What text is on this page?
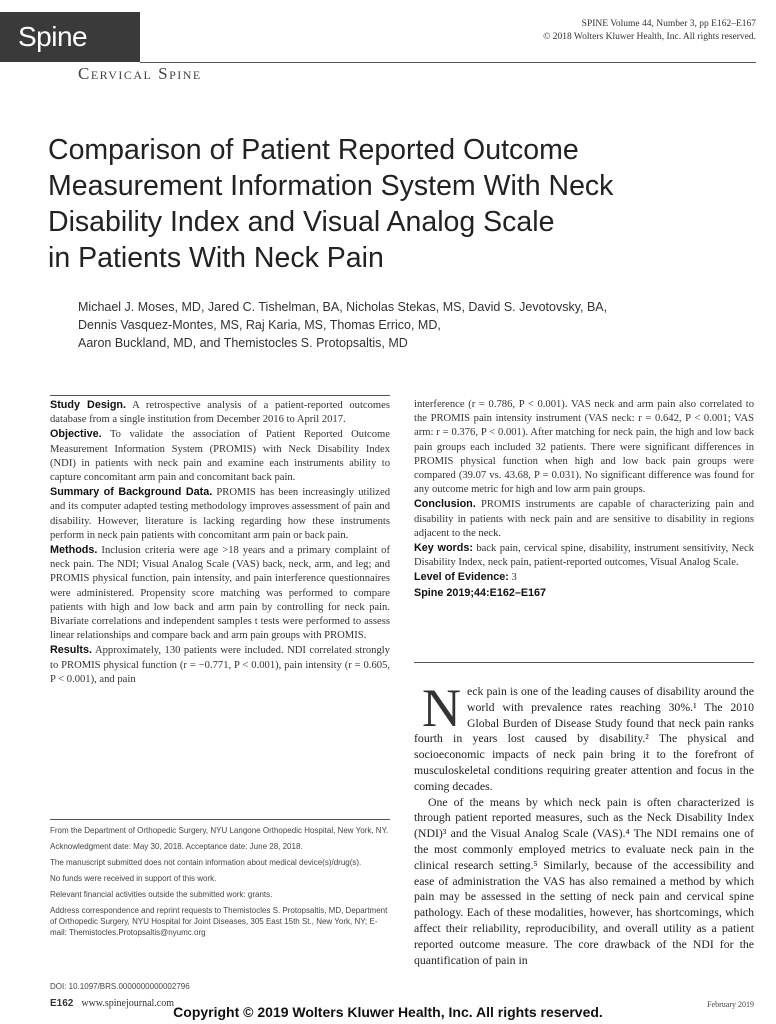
Spine	SPINE Volume 44, Number 3, pp E162–E167
© 2018 Wolters Kluwer Health, Inc. All rights reserved.
Cervical Spine
Comparison of Patient Reported Outcome
Measurement Information System With Neck
Disability Index and Visual Analog Scale
in Patients With Neck Pain
Michael J. Moses, MD, Jared C. Tishelman, BA, Nicholas Stekas, MS, David S. Jevotovsky, BA,
Dennis Vasquez-Montes, MS, Raj Karia, MS, Thomas Errico, MD,
Aaron Buckland, MD, and Themistocles S. Protopsaltis, MD

Study Design. A retrospective analysis of a patient-reported outcomes database from a single institution from December 2016 to April 2017.

Objective. To validate the association of Patient Reported Outcome Measurement Information System (PROMIS) with Neck Disability Index (NDI) in patients with neck pain and examine each instruments ability to capture concomitant arm pain and concomitant back pain.

Summary of Background Data. PROMIS has been increasingly utilized and its computer adapted testing methodology improves assessment of pain and disability. However, literature is lacking regarding how these instruments perform in neck pain patients with concomitant arm pain or back pain.

Methods. Inclusion criteria were age >18 years and a primary complaint of neck pain. The NDI; Visual Analog Scale (VAS) back, neck, arm, and leg; and PROMIS physical function, pain intensity, and pain interference questionnaires were administered. Propensity score matching was performed to compare patients with high and low back and arm pain by controlling for neck pain. Bivariate correlations and independent samples t tests were performed to assess linear relationships and compare back and arm pain groups with PROMIS.

Results. Approximately, 130 patients were included. NDI correlated strongly to PROMIS physical function (r = −0.771, P < 0.001), pain intensity (r = 0.605, P < 0.001), and pain

interference (r = 0.786, P < 0.001). VAS neck and arm pain also correlated to the PROMIS pain intensity instrument (VAS neck: r = 0.642, P < 0.001; VAS arm: r = 0.376, P < 0.001). After matching for neck pain, the high and low back pain groups each included 32 patients. There were significant differences in PROMIS physical function when high and low back pain groups were compared (39.07 vs. 43.68, P = 0.031). No significant difference was found for any outcome metric for high and low arm pain groups.

Conclusion. PROMIS instruments are capable of characterizing pain and disability in patients with neck pain and are sensitive to disability in regions adjacent to the neck.

Key words: back pain, cervical spine, disability, instrument sensitivity, Neck Disability Index, neck pain, patient-reported outcomes, Visual Analog Scale.

Level of Evidence: 3

Spine 2019;44:E162–E167

Neck pain is one of the leading causes of disability around the world with prevalence rates reaching 30%.¹ The 2010 Global Burden of Disease Study found that neck pain ranks fourth in years lost caused by disability.² The physical and socioeconomic impacts of neck pain bring it to the forefront of musculoskeletal conditions requiring greater attention and focus in the coming decades.

One of the means by which neck pain is often characterized is through patient reported measures, such as the Neck Disability Index (NDI)³ and the Visual Analog Scale (VAS).⁴ The NDI remains one of the most commonly employed metrics to evaluate neck pain in the clinical research setting.⁵ Similarly, because of the accessibility and ease of administration the VAS has also remained a method by which pain may be assessed in the setting of neck pain and cervical spine pathology. Each of these modalities, however, has shortcomings, which affect their reliability, reproducibility, and overall utility as a patient reported outcome measure. The core drawback of the NDI for the quantification of pain in

From the Department of Orthopedic Surgery, NYU Langone Orthopedic Hospital, New York, NY.

Acknowledgment date: May 30, 2018. Acceptance date: June 28, 2018.

The manuscript submitted does not contain information about medical device(s)/drug(s).

No funds were received in support of this work.

Relevant financial activities outside the submitted work: grants.

Address correspondence and reprint requests to Themistocles S. Protopsaltis, MD, Department of Orthopedic Surgery, NYU Hospital for Joint Diseases, 305 East 15th St., New York, NY; E-mail: Themistocles.Protopsaltis@nyumc.org

DOI: 10.1097/BRS.0000000000002796
E162 www.spinejournal.com	February 2019
Copyright © 2019 Wolters Kluwer Health, Inc. All rights reserved.
